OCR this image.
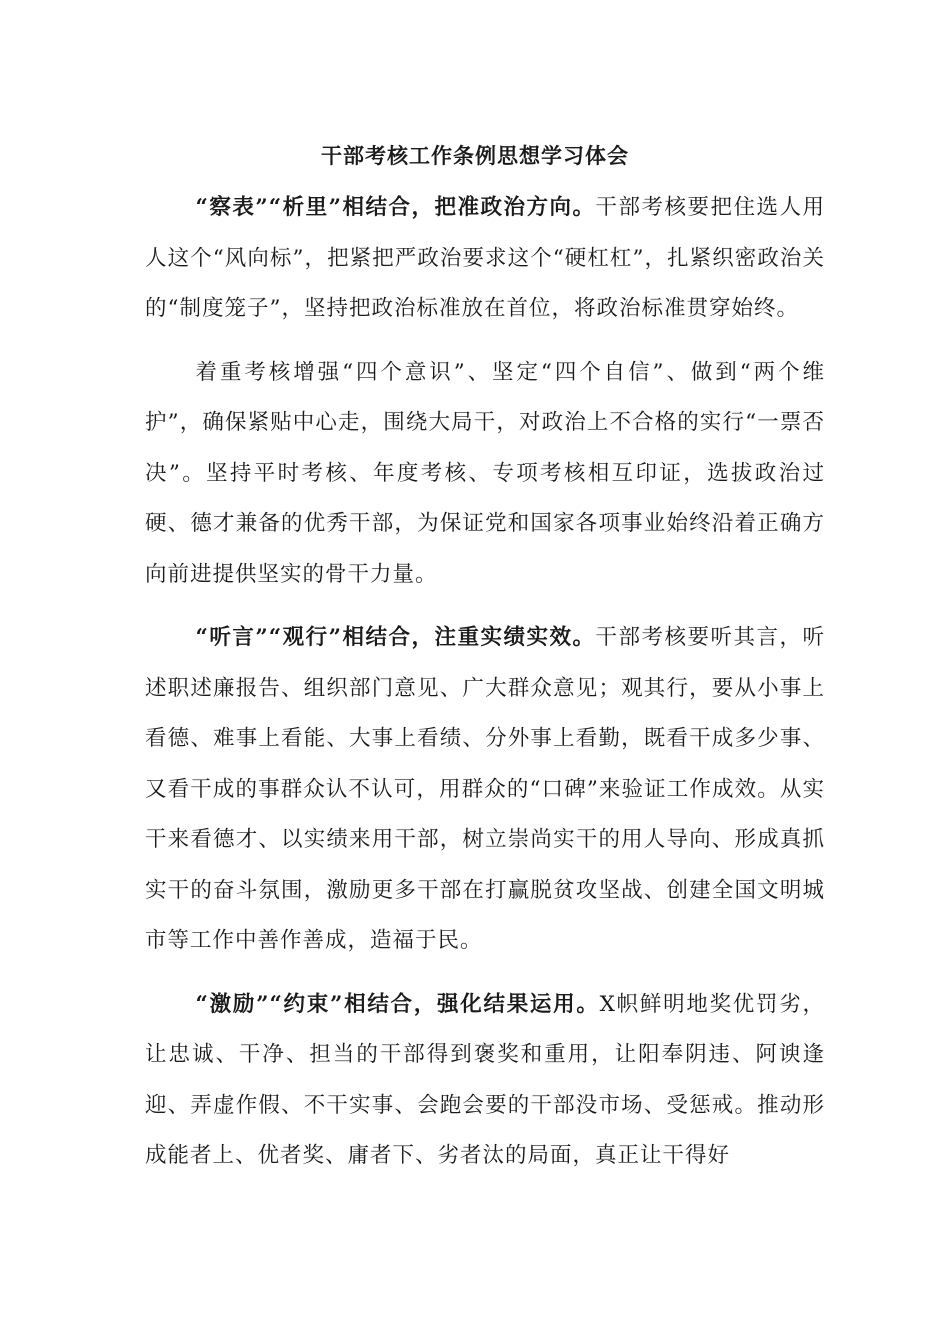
干部考核工作条例思想学习体会

“察表”“析里”相结合，把准政治方向。干部考核要把住选人用人这个“风向标”，把紧把严政治要求这个“硬杠杠”，扎紧织密政治关的“制度笼子”，坚持把政治标准放在首位，将政治标准贯穿始终。

着重考核增强“四个意识”、坚定“四个自信”、做到“两个维护”，确保紧贴中心走，围绕大局干，对政治上不合格的实行“一票否决”。坚持平时考核、年度考核、专项考核相互印证，选拔政治过硬、德才兼备的优秀干部，为保证党和国家各项事业始终沿着正确方向前进提供坚实的骨干力量。

“听言”“观行”相结合，注重实绩实效。干部考核要听其言，听述职述廉报告、组织部门意见、广大群众意见；观其行，要从小事上看德、难事上看能、大事上看绩、分外事上看勤，既看干成多少事、又看干成的事群众认不认可，用群众的“口碑”来验证工作成效。从实干来看德才、以实绩来用干部，树立崇尚实干的用人导向、形成真抓实干的奋斗氛围，激励更多干部在打赢脱贫攻坚战、创建全国文明城市等工作中善作善成，造福于民。

“激励”“约束”相结合，强化结果运用。X帜鲜明地奖优罚劣，让忠诚、干净、担当的干部得到褒奖和重用，让阳奉阴违、阿谀逢迎、弄虚作假、不干实事、会跑会要的干部没市场、受惩戒。推动形成能者上、优者奖、庸者下、劣者汰的局面，真正让干得好
